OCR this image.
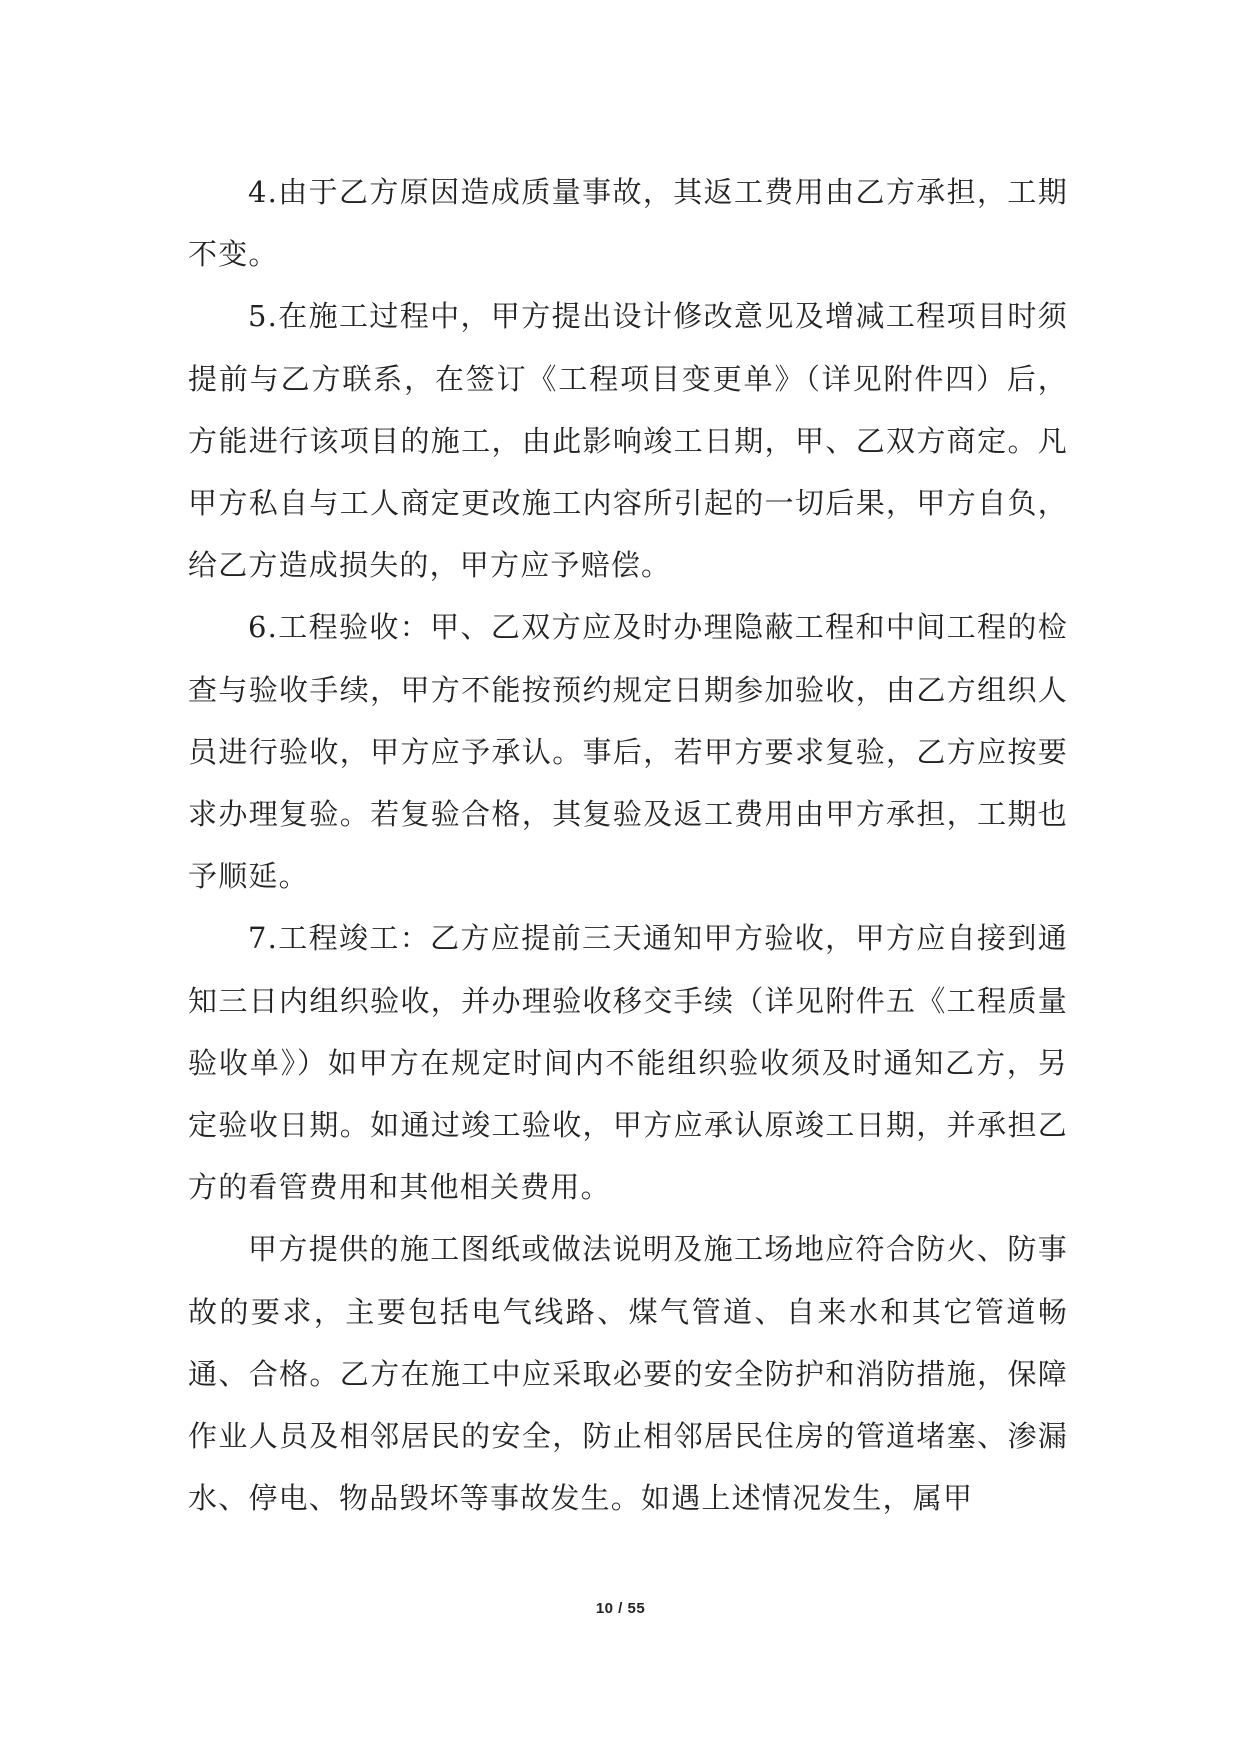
4.由于乙方原因造成质量事故，其返工费用由乙方承担，工期不变。

5.在施工过程中，甲方提出设计修改意见及增减工程项目时须提前与乙方联系，在签订《工程项目变更单》（详见附件四）后，方能进行该项目的施工，由此影响竣工日期，甲、乙双方商定。凡甲方私自与工人商定更改施工内容所引起的一切后果，甲方自负，给乙方造成损失的，甲方应予赔偿。

6.工程验收：甲、乙双方应及时办理隐蔽工程和中间工程的检查与验收手续，甲方不能按预约规定日期参加验收，由乙方组织人员进行验收，甲方应予承认。事后，若甲方要求复验，乙方应按要求办理复验。若复验合格，其复验及返工费用由甲方承担，工期也予顺延。

7.工程竣工：乙方应提前三天通知甲方验收，甲方应自接到通知三日内组织验收，并办理验收移交手续（详见附件五《工程质量验收单》）如甲方在规定时间内不能组织验收须及时通知乙方，另定验收日期。如通过竣工验收，甲方应承认原竣工日期，并承担乙方的看管费用和其他相关费用。

甲方提供的施工图纸或做法说明及施工场地应符合防火、防事故的要求，主要包括电气线路、煤气管道、自来水和其它管道畅通、合格。乙方在施工中应采取必要的安全防护和消防措施，保障作业人员及相邻居民的安全，防止相邻居民住房的管道堵塞、渗漏水、停电、物品毁坏等事故发生。如遇上述情况发生，属甲

10 / 55
